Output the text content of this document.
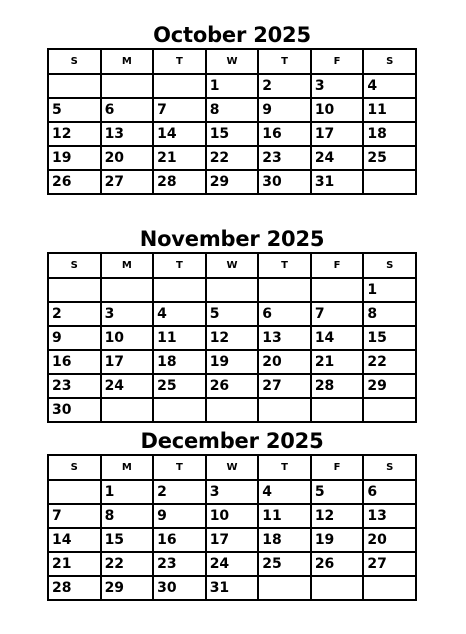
October 2025
S	M	T	W	T	F	S
			1	2	3	4
5	6	7	8	9	10	11
12	13	14	15	16	17	18
19	20	21	22	23	24	25
26	27	28	29	30	31	
November 2025
S	M	T	W	T	F	S
						1
2	3	4	5	6	7	8
9	10	11	12	13	14	15
16	17	18	19	20	21	22
23	24	25	26	27	28	29
30						
December 2025
S	M	T	W	T	F	S
	1	2	3	4	5	6
7	8	9	10	11	12	13
14	15	16	17	18	19	20
21	22	23	24	25	26	27
28	29	30	31			
